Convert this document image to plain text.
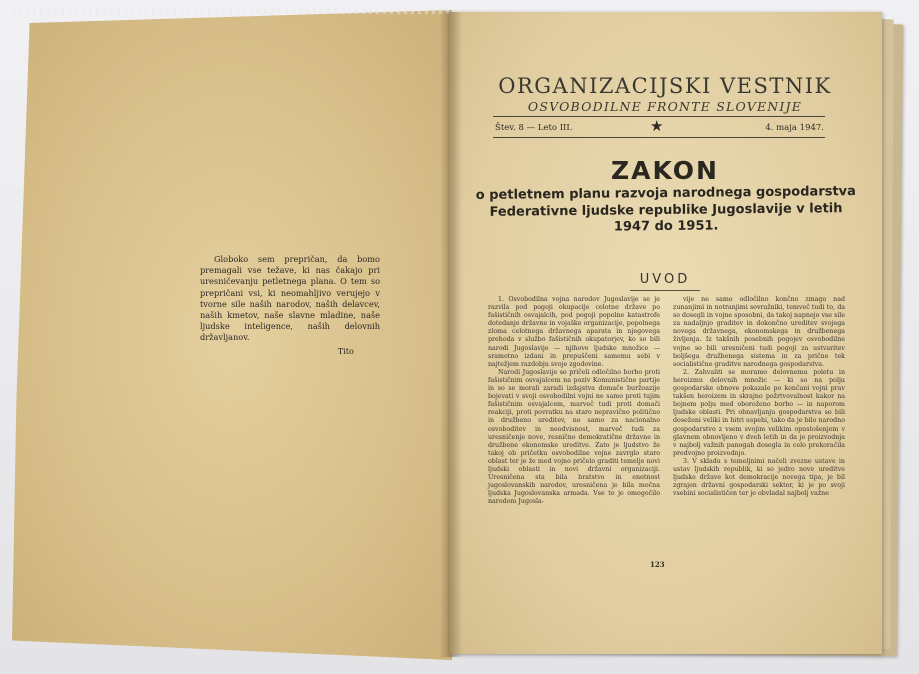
Globoko sem prepričan, da bomo premagali vse težave, ki nas čakajo pri uresničevanju petletnega plana. O tem so prepričani vsi, ki neomahljivo verujejo v tvorne sile naših narodov, naših delavcev, naših kmetov, naše slavne mladine, naše ljudske inteligence, naših delovnih državljanov.

Tito
ORGANIZACIJSKI VESTNIK
OSVOBODILNE FRONTE SLOVENIJE
Štev. 8 — Leto III.	★	4. maja 1947.
ZAKON
o petletnem planu razvoja narodnega gospodarstva Federativne ljudske republike Jugoslavije v letih 1947 do 1951.
UVOD

1. Osvobodilna vojna narodov Jugoslavije se je razvila pod pogoji okupacije celotne države po fašističnih osvajalcih, pod pogoji popolne katastrofe dotedanje državne in vojaške organizacije, popolnega zloma celotnega državnega aparata in njegovega prehoda v službo fašističnih okupatorjev, ko so bili narodi Jugoslavije — njihove ljudske množice — sramotno izdani in prepuščeni samemu sebi v najtežjem razdobju svoje zgodovine.

Narodi Jugoslavije so pričeli odločilno borbo proti fašističnim osvajalcem na poziv Komunistične partije in so se morali zaradi izdajstva domače buržoazije bojevati v svoji osvobodilni vojni ne samo proti tujim fašističnim osvajalcem, marveč tudi proti domači reakciji, proti povratku na staro nepravično politično in družbeno ureditev, ne samo za nacionalno osvoboditev in neodvisnost, marveč tudi za uresničenje nove, resnično demokratične državne in družbene ekonomske ureditve. Zato je ljudstvo že takoj ob pričetku osvobodilne vojne zavrglo staro oblast ter je že med vojno pričelo graditi temelje novi ljudski oblasti in novi državni organizaciji. Uresničena sta bila bratstvo in enotnost jugoslovanskih narodov, uresničena je bila močna ljudska Jugoslovanska armada. Vse to je omogočilo narodom Jugosla-

vije ne samo odločilno končno zmago nad zunanjimi in notranjimi sovražniki, temveč tudi to, da so dosegli in vojne sposobni, da takoj napnejo vse sile za nadaljnjo graditev in dokončno ureditev svojega novega državnega, ekonomskega in družbenega življenja. Iz takšnih posebnih pogojev osvobodilne vojne so bili uresničeni tudi pogoji za ustvaritev boljšega družbenega sistema in za prične tek socialistične graditve narodnega gospodarstva.

2. Zahvaliti se moramo delovnemu poletu in heroizmu delovnih množic — ki so na polju gospodarske obnove pokazale po končani vojni prav takšen heroizem in skrajno požrtvovalnost kakor na bojnem polju med oboroženo borbo — in naporom ljudske oblasti. Pri obnavljanju gospodarstva so bili doseženi veliki in hitri uspehi, tako da je bilo narodno gospodarstvo z vsem svojim velikim opustošenjem v glavnem obnovljeno v dveh letih in da je proizvodnja v najbolj važnih panogah dosegla in celo prekoračila predvojno proizvodnjo.

3. V skladu s temeljnimi načeli zvezne ustave in ustav ljudskih republik, ki so jedro nove ureditve ljudske države kot demokracije novega tipa, je bil zgrajen državni gospodarski sektor, ki je po svoji vsebini socialističen ter je obvladal najbolj važne

123
